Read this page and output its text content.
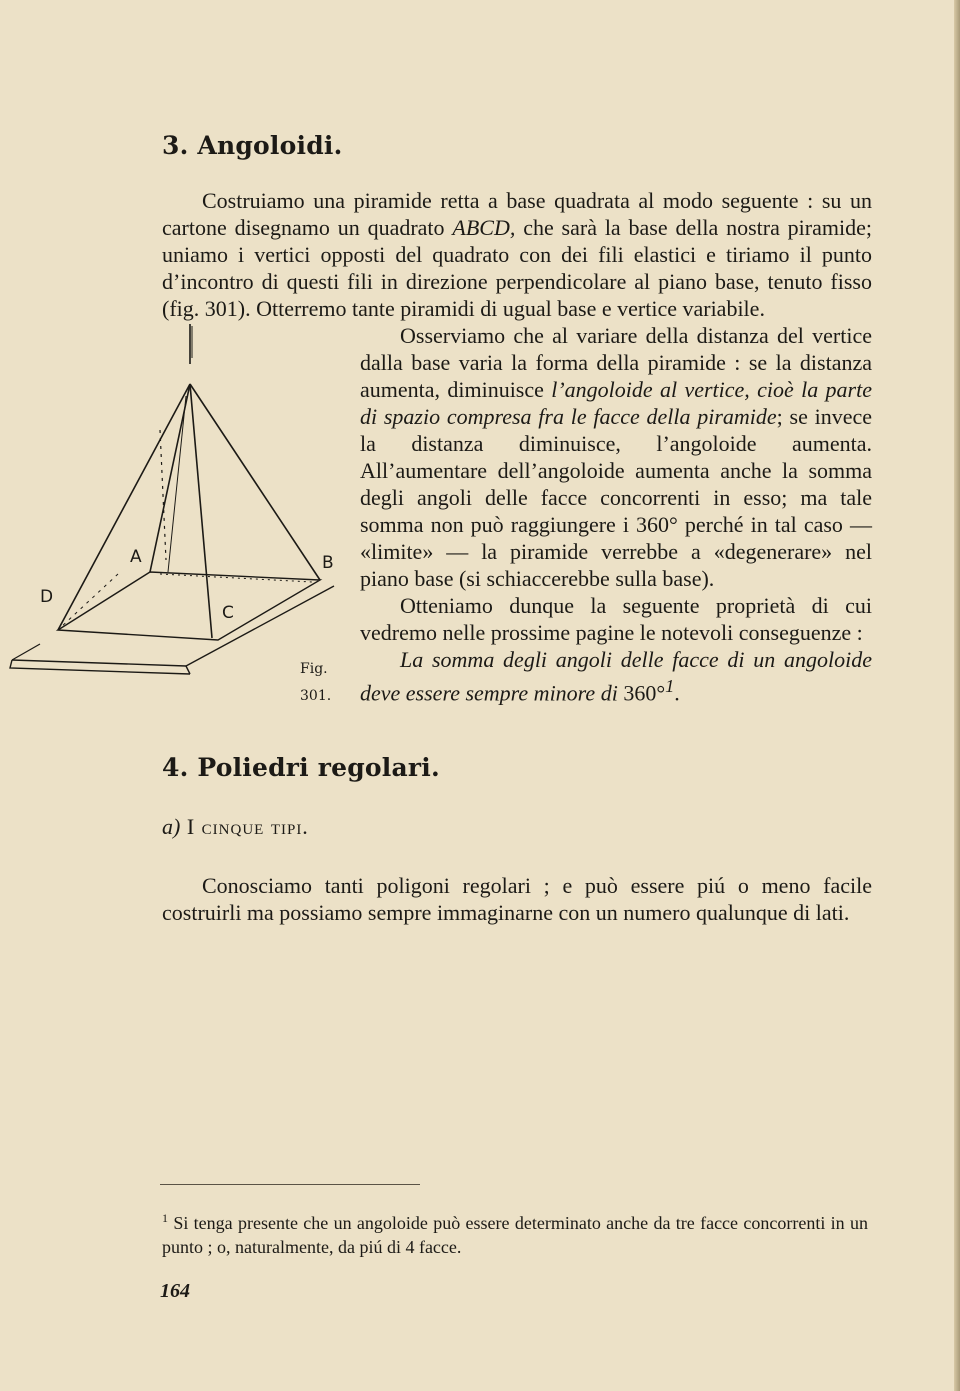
3. Angoloidi.

Costruiamo una piramide retta a base quadrata al modo seguente : su un cartone disegnamo un quadrato ABCD, che sarà la base della nostra piramide; uniamo i vertici opposti del quadrato con dei fili elastici e tiriamo il punto d’incontro di questi fili in direzione perpendicolare al piano base, tenuto fisso (fig. 301). Otterremo tante piramidi di ugual base e vertice variabile.

A	B
C
D
Fig. 301.

Osserviamo che al variare della distanza del vertice dalla base varia la forma della piramide : se la distanza aumenta, diminuisce l’angoloide al vertice, cioè la parte di spazio compresa fra le facce della piramide; se invece la distanza diminuisce, l’angoloide aumenta. All’aumentare dell’angoloide aumenta anche la somma degli angoli delle facce concorrenti in esso; ma tale somma non può raggiungere i 360° perché in tal caso — «limite» — la piramide verrebbe a «degenerare» nel piano base (si schiaccerebbe sulla base).

Otteniamo dunque la seguente proprietà di cui vedremo nelle prossime pagine le notevoli conseguenze :

La somma degli angoli delle facce di un angoloide deve essere sempre minore di 360°$^1$.

4. Poliedri regolari.

a) I cinque tipi.

Conosciamo tanti poligoni regolari ; e può essere piú o meno facile costruirli ma possiamo sempre immaginarne con un numero qualunque di lati.

$^1$ Si tenga presente che un angoloide può essere determinato anche da tre facce concorrenti in un punto ; o, naturalmente, da piú di 4 facce.

164
